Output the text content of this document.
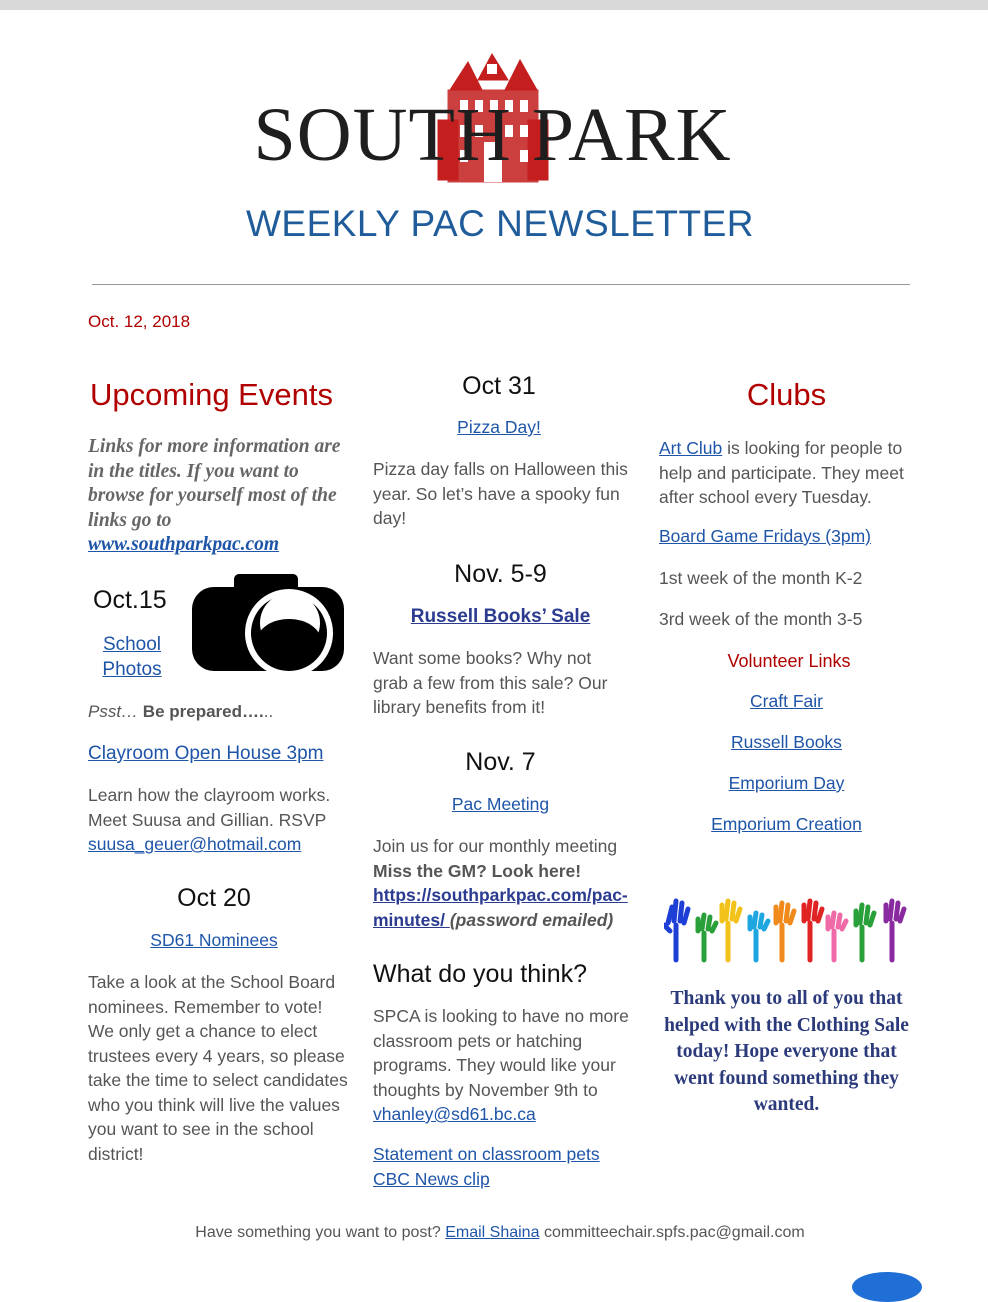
SOUTH PARK
WEEKLY PAC NEWSLETTER
Oct. 12, 2018
Upcoming Events
Links for more information are in the titles. If you want to browse for yourself most of the links go to www.southparkpac.com
Oct.15
School
Photos
Psst… Be prepared…...
Clayroom Open House 3pm
Learn how the clayroom works. Meet Suusa and Gillian. RSVP suusa_geuer@hotmail.com
Oct 20
SD61 Nominees
Take a look at the School Board nominees. Remember to vote! We only get a chance to elect trustees every 4 years, so please take the time to select candidates who you think will live the values you want to see in the school district!
Oct 31
Pizza Day!
Pizza day falls on Halloween this year. So let’s have a spooky fun day!
Nov. 5-9
Russell Books’ Sale
Want some books? Why not grab a few from this sale? Our library benefits from it!
Nov. 7
Pac Meeting
Join us for our monthly meeting
Miss the GM? Look here!
https://southparkpac.com/pac-
minutes/ (password emailed)
What do you think?
SPCA is looking to have no more classroom pets or hatching programs. They would like your thoughts by November 9th to vhanley@sd61.bc.ca
Statement on classroom pets
CBC News clip
Clubs
Art Club is looking for people to help and participate. They meet after school every Tuesday.
Board Game Fridays (3pm)
1st week of the month K-2
3rd week of the month 3-5
Volunteer Links
Craft Fair
Russell Books
Emporium Day
Emporium Creation
Thank you to all of you that helped with the Clothing Sale today! Hope everyone that went found something they wanted.
Have something you want to post? Email Shaina committeechair.spfs.pac@gmail.com
